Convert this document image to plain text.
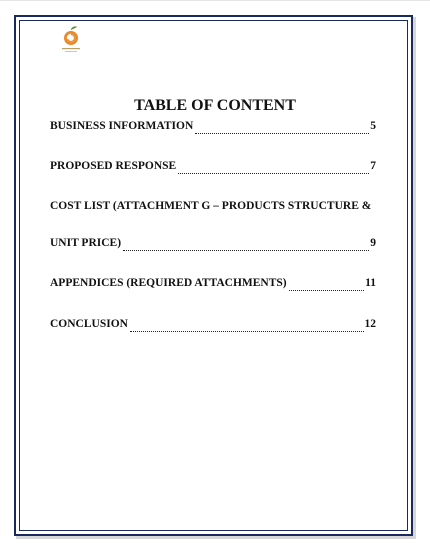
TABLE OF CONTENT
BUSINESS INFORMATION	5
PROPOSED RESPONSE	7
COST LIST (ATTACHMENT G – PRODUCTS STRUCTURE &
UNIT PRICE)	9
APPENDICES (REQUIRED ATTACHMENTS)	11
CONCLUSION	12
